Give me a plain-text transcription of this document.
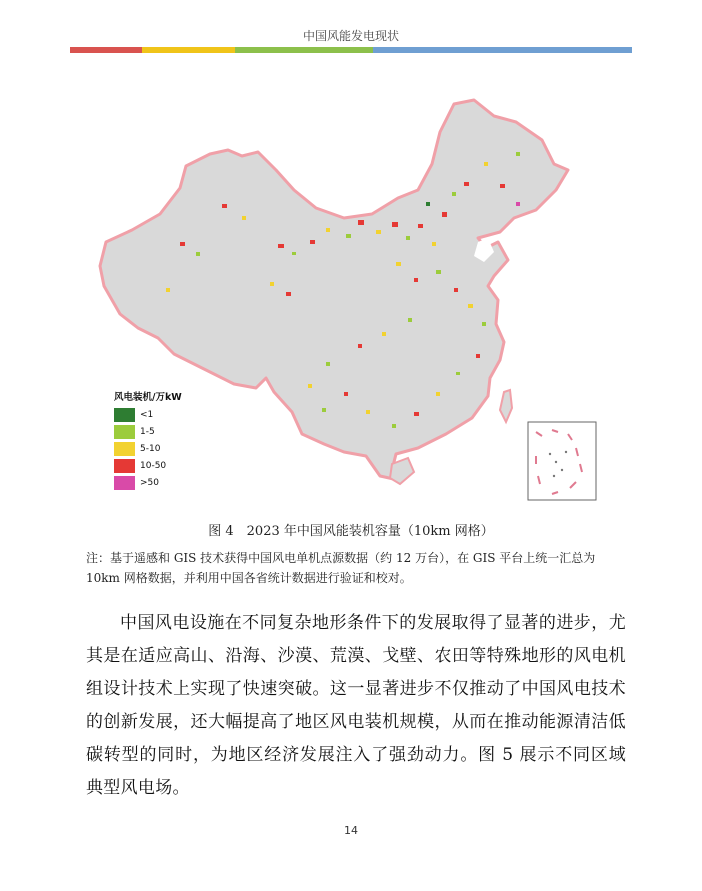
中国风能发电现状
风电装机/万kW
<1
1-5
5-10
10-50
>50
图 4　2023 年中国风能装机容量（10km 网格）
注：基于遥感和 GIS 技术获得中国风电单机点源数据（约 12 万台），在 GIS 平台上统一汇总为 10km 网格数据，并利用中国各省统计数据进行验证和校对。
中国风电设施在不同复杂地形条件下的发展取得了显著的进步，尤其是在适应高山、沿海、沙漠、荒漠、戈壁、农田等特殊地形的风电机组设计技术上实现了快速突破。这一显著进步不仅推动了中国风电技术的创新发展，还大幅提高了地区风电装机规模，从而在推动能源清洁低碳转型的同时，为地区经济发展注入了强劲动力。图 5 展示不同区域典型风电场。
14
